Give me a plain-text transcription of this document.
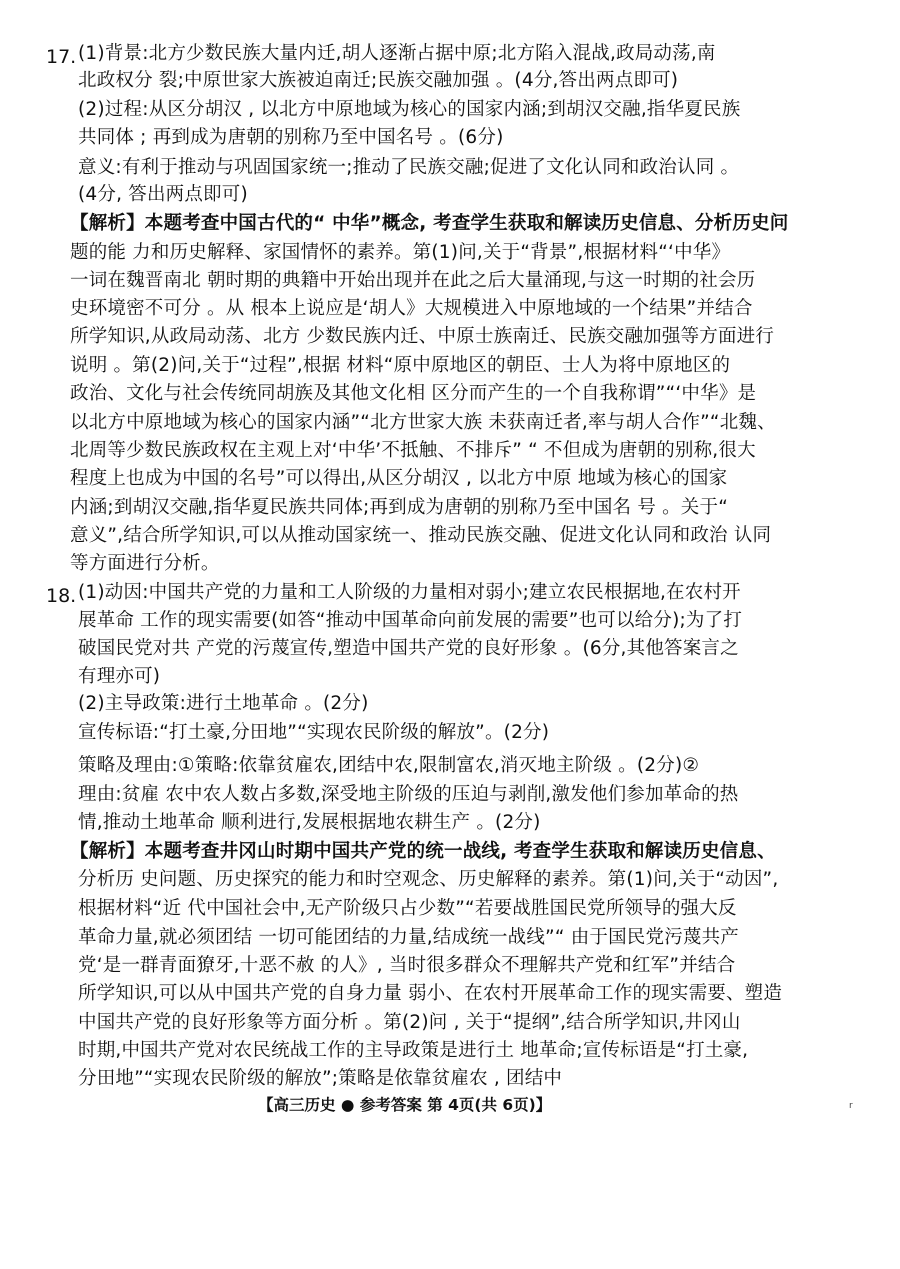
17. (1)背景:北方少数民族大量内迁,胡人逐渐占据中原;北方陷入混战,政局动荡,南
北政权分 裂;中原世家大族被迫南迁;民族交融加强 。(4分,答出两点即可)
(2)过程:从区分胡汉 , 以北方中原地域为核心的国家内涵;到胡汉交融,指华夏民族
共同体 ; 再到成为唐朝的别称乃至中国名号 。(6分)
意义:有利于推动与巩固国家统一;推动了民族交融;促进了文化认同和政治认同 。
(4分, 答出两点即可)
【解析】本题考查中国古代的“ 中华”概念, 考查学生获取和解读历史信息、分析历史问
题的能 力和历史解释、家国情怀的素养。第(1)问,关于“背景”,根据材料“‘中华》
一词在魏晋南北 朝时期的典籍中开始出现并在此之后大量涌现,与这一时期的社会历
史环境密不可分 。从 根本上说应是‘胡人》大规模进入中原地域的一个结果”并结合
所学知识,从政局动荡、北方 少数民族内迁、中原士族南迁、民族交融加强等方面进行
说明 。第(2)问,关于“过程”,根据 材料“原中原地区的朝臣、士人为将中原地区的
政治、文化与社会传统同胡族及其他文化相 区分而产生的一个自我称谓”“‘中华》是
以北方中原地域为核心的国家内涵”“北方世家大族 未获南迁者,率与胡人合作”“北魏、
北周等少数民族政权在主观上对‘中华’不抵触、不排斥” “ 不但成为唐朝的别称,很大
程度上也成为中国的名号”可以得出,从区分胡汉 , 以北方中原 地域为核心的国家
内涵;到胡汉交融,指华夏民族共同体;再到成为唐朝的别称乃至中国名 号 。关于“
意义”,结合所学知识,可以从推动国家统一、推动民族交融、促进文化认同和政治 认同
等方面进行分析。
18. (1)动因:中国共产党的力量和工人阶级的力量相对弱小;建立农民根据地,在农村开
展革命 工作的现实需要(如答“推动中国革命向前发展的需要”也可以给分);为了打
破国民党对共 产党的污蔑宣传,塑造中国共产党的良好形象 。(6分,其他答案言之
有理亦可)
(2)主导政策:进行土地革命 。(2分)
宣传标语:“打土豪,分田地”“实现农民阶级的解放”。(2分)
策略及理由:①策略:依靠贫雇农,团结中农,限制富农,消灭地主阶级 。(2分)②
理由:贫雇 农中农人数占多数,深受地主阶级的压迫与剥削,激发他们参加革命的热
情,推动土地革命 顺利进行,发展根据地农耕生产 。(2分)
【解析】本题考查井冈山时期中国共产党的统一战线, 考查学生获取和解读历史信息、
分析历 史问题、历史探究的能力和时空观念、历史解释的素养。第(1)问,关于“动因”,
根据材料“近 代中国社会中,无产阶级只占少数”“若要战胜国民党所领导的强大反
革命力量,就必须团结 一切可能团结的力量,结成统一战线”“ 由于国民党污蔑共产
党‘是一群青面獠牙,十恶不赦 的人》, 当时很多群众不理解共产党和红军”并结合
所学知识,可以从中国共产党的自身力量 弱小、在农村开展革命工作的现实需要、塑造
中国共产党的良好形象等方面分析 。第(2)问 , 关于“提纲”,结合所学知识,井冈山
时期,中国共产党对农民统战工作的主导政策是进行土 地革命;宣传标语是“打土豪,
分田地”“实现农民阶级的解放”;策略是依靠贫雇农 , 团结中
【高三历史 ● 参考答案 第 4页(共 6页)】	r
